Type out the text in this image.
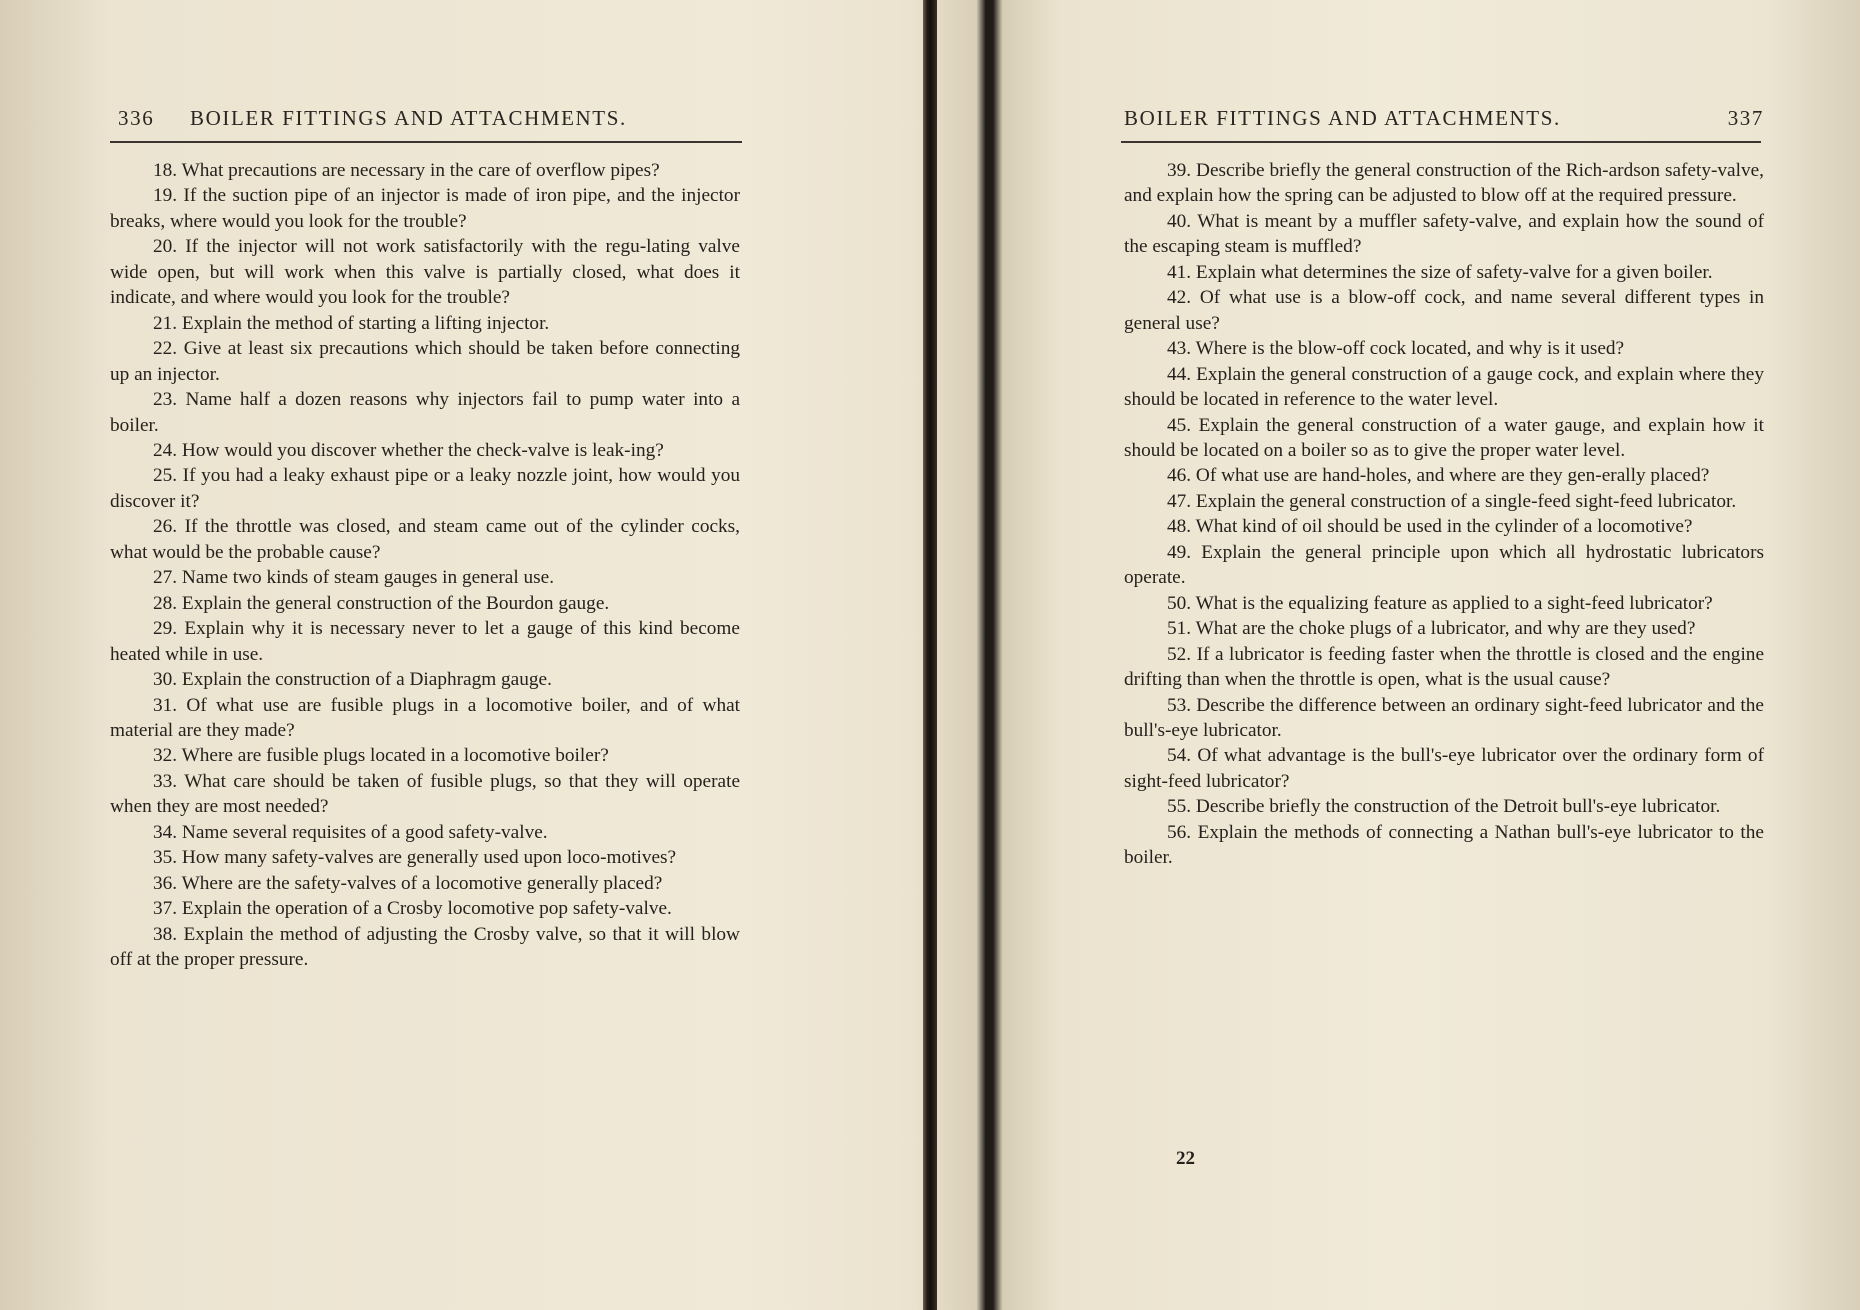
336 BOILER FITTINGS AND ATTACHMENTS.

18. What precautions are necessary in the care of overflow pipes?

19. If the suction pipe of an injector is made of iron pipe, and the injector breaks, where would you look for the trouble?

20. If the injector will not work satisfactorily with the regu-lating valve wide open, but will work when this valve is partially closed, what does it indicate, and where would you look for the trouble?

21. Explain the method of starting a lifting injector.

22. Give at least six precautions which should be taken before connecting up an injector.

23. Name half a dozen reasons why injectors fail to pump water into a boiler.

24. How would you discover whether the check-valve is leak-ing?

25. If you had a leaky exhaust pipe or a leaky nozzle joint, how would you discover it?

26. If the throttle was closed, and steam came out of the cylinder cocks, what would be the probable cause?

27. Name two kinds of steam gauges in general use.

28. Explain the general construction of the Bourdon gauge.

29. Explain why it is necessary never to let a gauge of this kind become heated while in use.

30. Explain the construction of a Diaphragm gauge.

31. Of what use are fusible plugs in a locomotive boiler, and of what material are they made?

32. Where are fusible plugs located in a locomotive boiler?

33. What care should be taken of fusible plugs, so that they will operate when they are most needed?

34. Name several requisites of a good safety-valve.

35. How many safety-valves are generally used upon loco-motives?

36. Where are the safety-valves of a locomotive generally placed?

37. Explain the operation of a Crosby locomotive pop safety-valve.

38. Explain the method of adjusting the Crosby valve, so that it will blow off at the proper pressure.

BOILER FITTINGS AND ATTACHMENTS.	337

39. Describe briefly the general construction of the Rich-ardson safety-valve, and explain how the spring can be adjusted to blow off at the required pressure.

40. What is meant by a muffler safety-valve, and explain how the sound of the escaping steam is muffled?

41. Explain what determines the size of safety-valve for a given boiler.

42. Of what use is a blow-off cock, and name several different types in general use?

43. Where is the blow-off cock located, and why is it used?

44. Explain the general construction of a gauge cock, and explain where they should be located in reference to the water level.

45. Explain the general construction of a water gauge, and explain how it should be located on a boiler so as to give the proper water level.

46. Of what use are hand-holes, and where are they gen-erally placed?

47. Explain the general construction of a single-feed sight-feed lubricator.

48. What kind of oil should be used in the cylinder of a locomotive?

49. Explain the general principle upon which all hydrostatic lubricators operate.

50. What is the equalizing feature as applied to a sight-feed lubricator?

51. What are the choke plugs of a lubricator, and why are they used?

52. If a lubricator is feeding faster when the throttle is closed and the engine drifting than when the throttle is open, what is the usual cause?

53. Describe the difference between an ordinary sight-feed lubricator and the bull's-eye lubricator.

54. Of what advantage is the bull's-eye lubricator over the ordinary form of sight-feed lubricator?

55. Describe briefly the construction of the Detroit bull's-eye lubricator.

56. Explain the methods of connecting a Nathan bull's-eye lubricator to the boiler.

22
